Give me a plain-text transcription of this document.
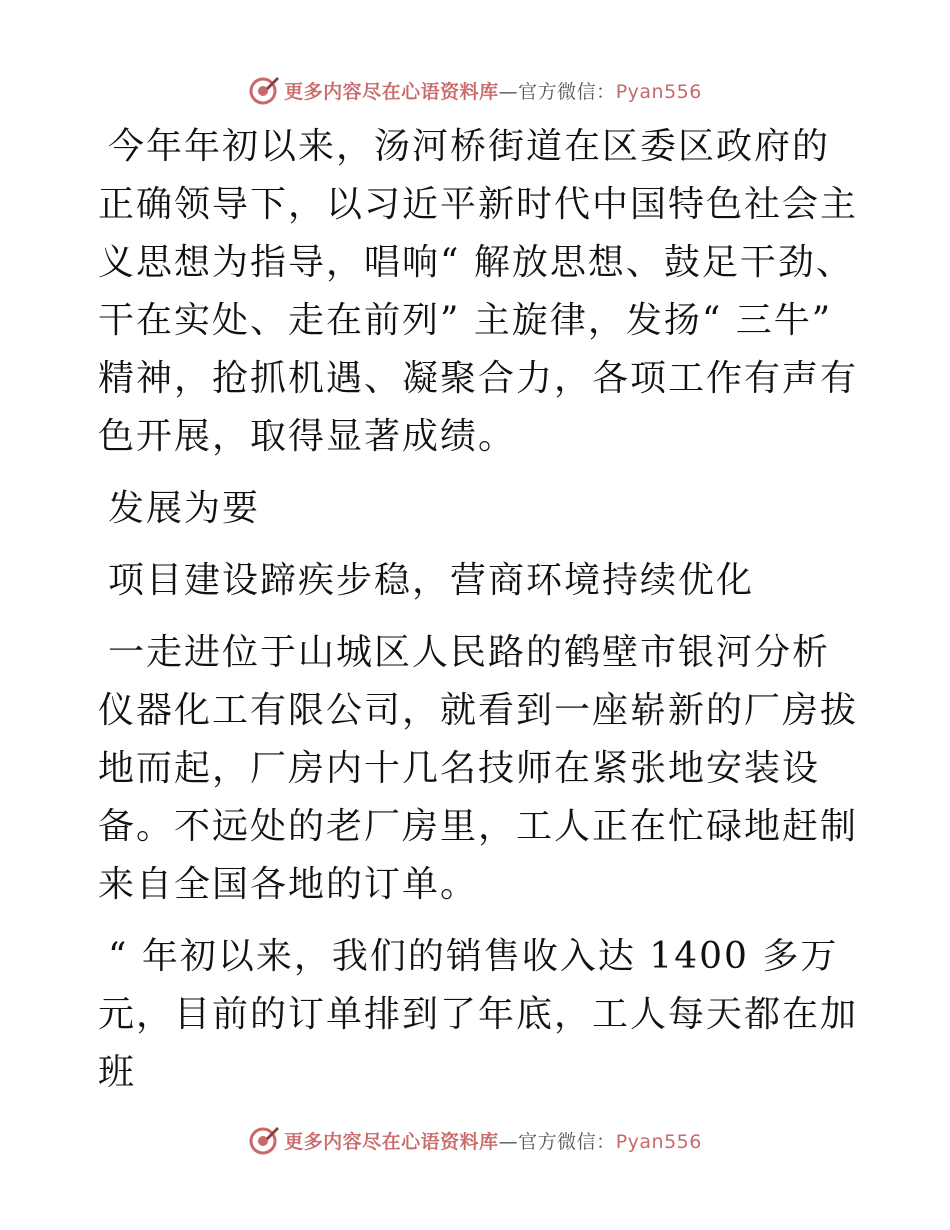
更多内容尽在心语资料库—官方微信：Pyan556

今年年初以来，汤河桥街道在区委区政府的正确领导下，以习近平新时代中国特色社会主义思想为指导，唱响“ 解放思想、鼓足干劲、干在实处、走在前列” 主旋律，发扬“ 三牛” 精神，抢抓机遇、凝聚合力，各项工作有声有色开展，取得显著成绩。

发展为要

项目建设蹄疾步稳，营商环境持续优化

一走进位于山城区人民路的鹤壁市银河分析仪器化工有限公司，就看到一座崭新的厂房拔地而起，厂房内十几名技师在紧张地安装设备。不远处的老厂房里，工人正在忙碌地赶制来自全国各地的订单。

“ 年初以来，我们的销售收入达 1400 多万元，目前的订单排到了年底，工人每天都在加班

更多内容尽在心语资料库—官方微信：Pyan556
